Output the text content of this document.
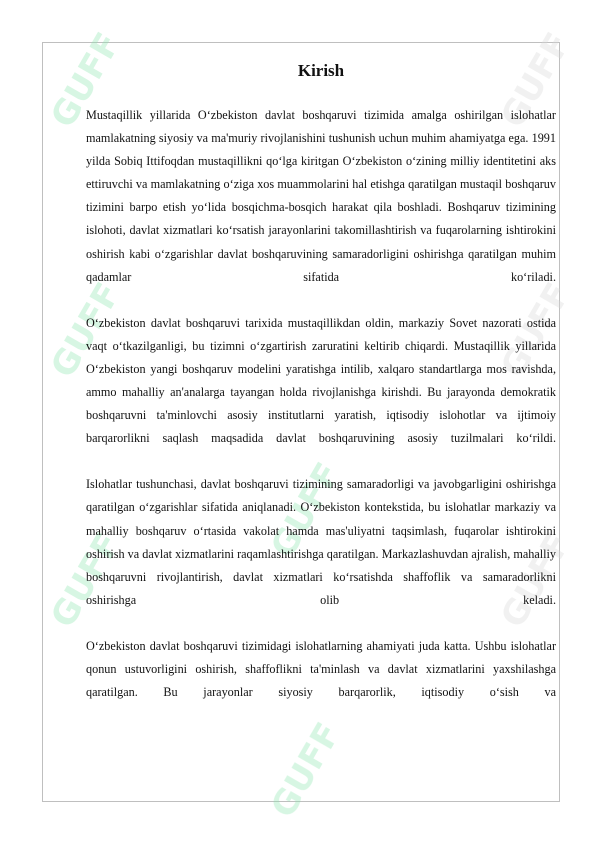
GUFF	GUFF
GUFF	GUFF
GUFF	GUFF
GUFF
GUFF
Kirish

Mustaqillik yillarida O‘zbekiston davlat boshqaruvi tizimida amalga oshirilgan islohatlar mamlakatning siyosiy va ma'muriy rivojlanishini tushunish uchun muhim ahamiyatga ega. 1991 yilda Sobiq Ittifoqdan mustaqillikni qo‘lga kiritgan O‘zbekiston o‘zining milliy identitetini aks ettiruvchi va mamlakatning o‘ziga xos muammolarini hal etishga qaratilgan mustaqil boshqaruv tizimini barpo etish yo‘lida bosqichma-bosqich harakat qila boshladi. Boshqaruv tizimining islohoti, davlat xizmatlari ko‘rsatish jarayonlarini takomillashtirish va fuqarolarning ishtirokini oshirish kabi o‘zgarishlar davlat boshqaruvining samaradorligini oshirishga qaratilgan muhim qadamlar sifatida ko‘riladi.

O‘zbekiston davlat boshqaruvi tarixida mustaqillikdan oldin, markaziy Sovet nazorati ostida vaqt o‘tkazilganligi, bu tizimni o‘zgartirish zaruratini keltirib chiqardi. Mustaqillik yillarida O‘zbekiston yangi boshqaruv modelini yaratishga intilib, xalqaro standartlarga mos ravishda, ammo mahalliy an'analarga tayangan holda rivojlanishga kirishdi. Bu jarayonda demokratik boshqaruvni ta'minlovchi asosiy institutlarni yaratish, iqtisodiy islohotlar va ijtimoiy barqarorlikni saqlash maqsadida davlat boshqaruvining asosiy tuzilmalari ko‘rildi.

Islohatlar tushunchasi, davlat boshqaruvi tizimining samaradorligi va javobgarligini oshirishga qaratilgan o‘zgarishlar sifatida aniqlanadi. O‘zbekiston kontekstida, bu islohatlar markaziy va mahalliy boshqaruv o‘rtasida vakolat hamda mas'uliyatni taqsimlash, fuqarolar ishtirokini oshirish va davlat xizmatlarini raqamlashtirishga qaratilgan. Markazlashuvdan ajralish, mahalliy boshqaruvni rivojlantirish, davlat xizmatlari ko‘rsatishda shaffoflik va samaradorlikni oshirishga olib keladi.

O‘zbekiston davlat boshqaruvi tizimidagi islohatlarning ahamiyati juda katta. Ushbu islohatlar qonun ustuvorligini oshirish, shaffoflikni ta'minlash va davlat xizmatlarini yaxshilashga qaratilgan. Bu jarayonlar siyosiy barqarorlik, iqtisodiy o‘sish va
